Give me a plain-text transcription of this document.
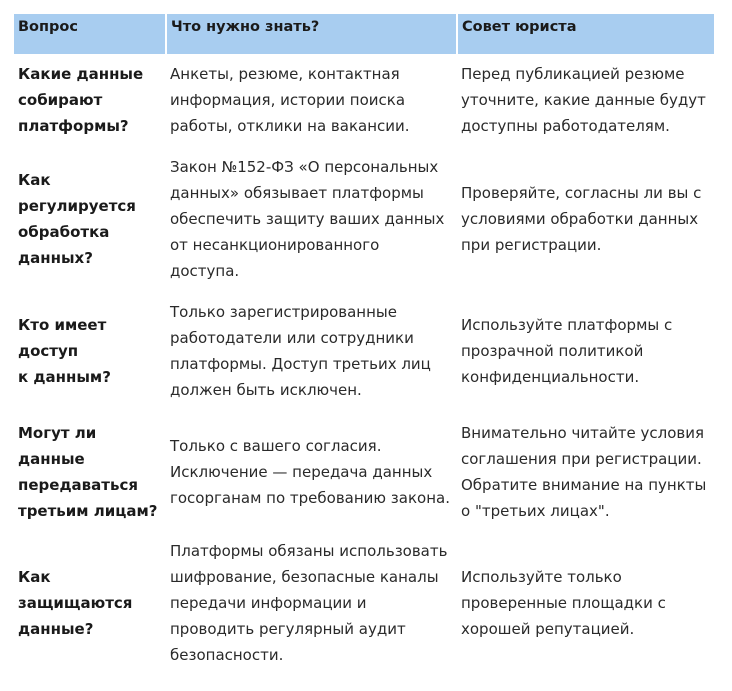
Вопрос	Что нужно знать?	Совет юриста

Какие данные
собирают
платформы?	Анкеты, резюме, контактная
информация, истории поиска
работы, отклики на вакансии.	Перед публикацией резюме
уточните, какие данные будут
доступны работодателям.

Как
регулируется
обработка
данных?	Закон №152-ФЗ «О персональных
данных» обязывает платформы
обеспечить защиту ваших данных
от несанкционированного
доступа.	Проверяйте, согласны ли вы с
условиями обработки данных
при регистрации.

Кто имеет доступ
к данным?	Только зарегистрированные
работодатели или сотрудники
платформы. Доступ третьих лиц
должен быть исключен.	Используйте платформы с
прозрачной политикой
конфиденциальности.

Могут ли данные
передаваться
третьим лицам?	Только с вашего согласия.
Исключение — передача данных
госорганам по требованию закона.	Внимательно читайте условия
соглашения при регистрации.
Обратите внимание на пункты
о "третьих лицах".

Как
защищаются
данные?	Платформы обязаны использовать
шифрование, безопасные каналы
передачи информации и
проводить регулярный аудит
безопасности.	Используйте только
проверенные площадки с
хорошей репутацией.
